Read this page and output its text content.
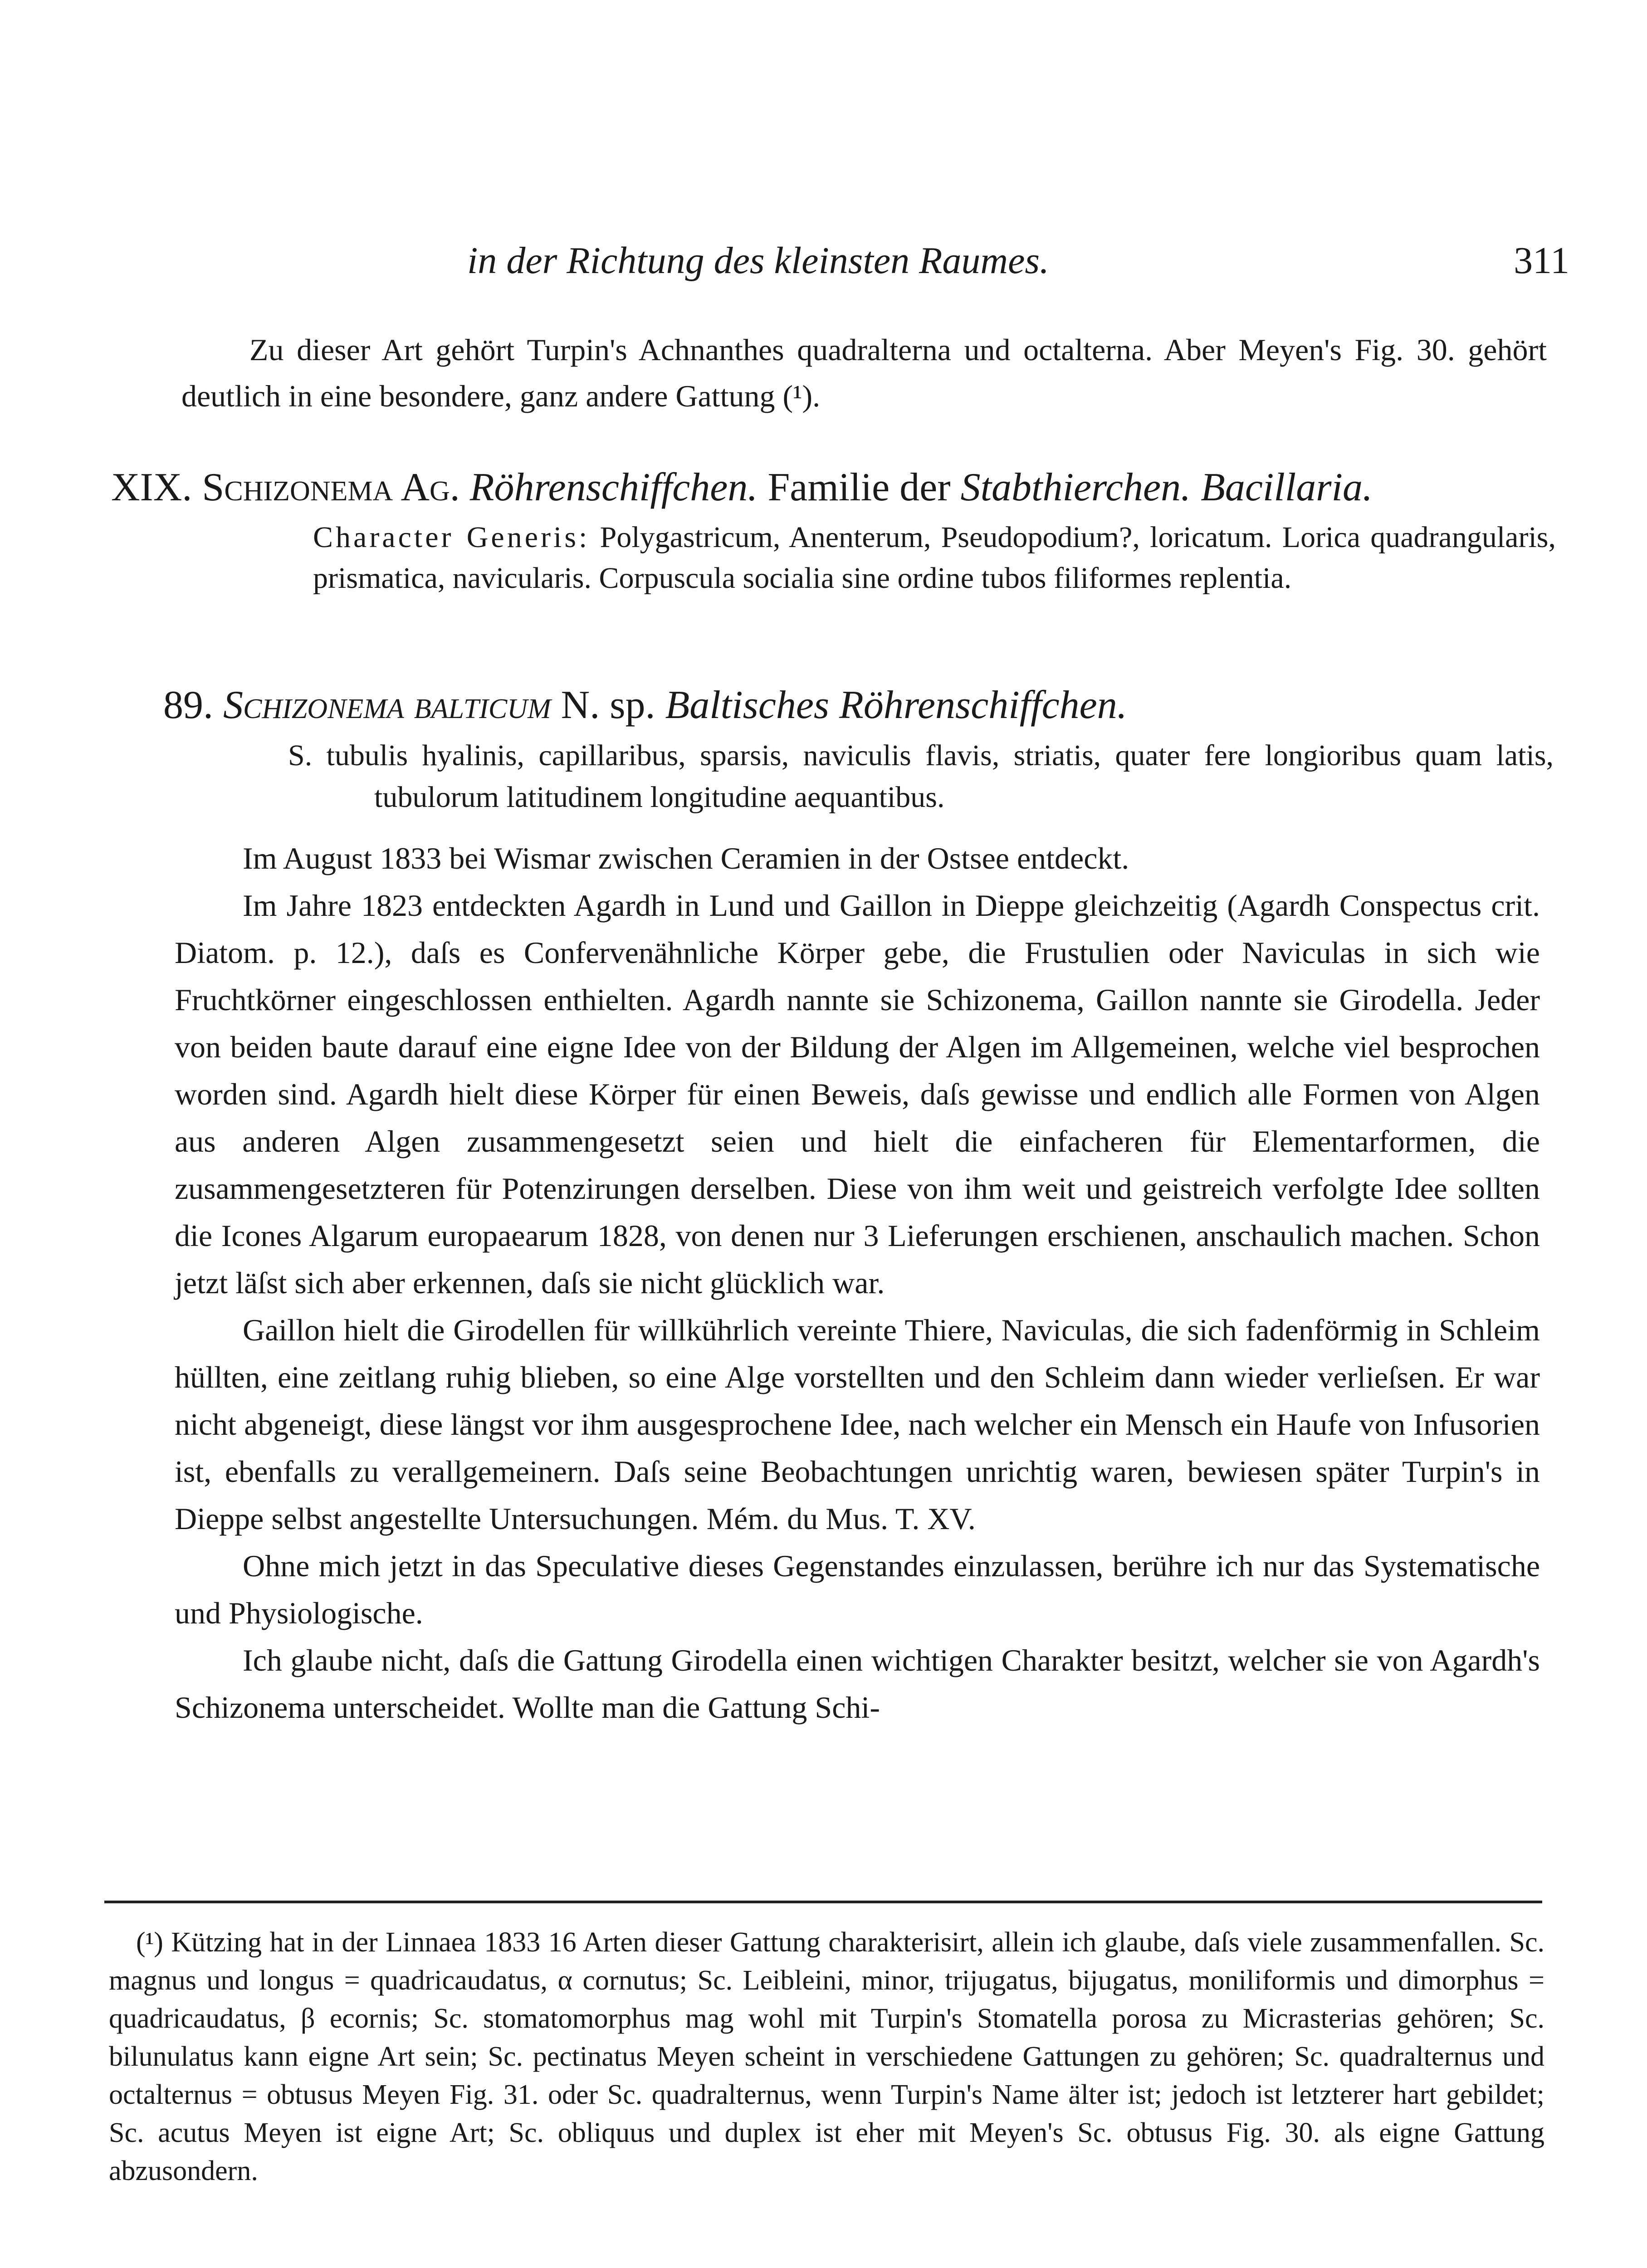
in der Richtung des kleinsten Raumes.	311

Zu dieser Art gehört Turpin's Achnanthes quadralterna und octalterna. Aber Meyen's Fig. 30. gehört deutlich in eine besondere, ganz andere Gattung (¹).

XIX. Schizonema Ag. Röhrenschiffchen. Familie der Stabthierchen. Bacillaria.

Character Generis: Polygastricum, Anenterum, Pseudopodium?, loricatum. Lorica quadrangularis, prismatica, navicularis. Corpuscula socialia sine ordine tubos filiformes replentia.

89. Schizonema balticum N. sp. Baltisches Röhrenschiffchen.

S. tubulis hyalinis, capillaribus, sparsis, naviculis flavis, striatis, quater fere longioribus quam latis, tubulorum latitudinem longitudine aequantibus.

Im August 1833 bei Wismar zwischen Ceramien in der Ostsee entdeckt.

Im Jahre 1823 entdeckten Agardh in Lund und Gaillon in Dieppe gleichzeitig (Agardh Conspectus crit. Diatom. p. 12.), daſs es Confervenähnliche Körper gebe, die Frustulien oder Naviculas in sich wie Fruchtkörner eingeschlossen enthielten. Agardh nannte sie Schizonema, Gaillon nannte sie Girodella. Jeder von beiden baute darauf eine eigne Idee von der Bildung der Algen im Allgemeinen, welche viel besprochen worden sind. Agardh hielt diese Körper für einen Beweis, daſs gewisse und endlich alle Formen von Algen aus anderen Algen zusammengesetzt seien und hielt die einfacheren für Elementarformen, die zusammengesetzteren für Potenzirungen derselben. Diese von ihm weit und geistreich verfolgte Idee sollten die Icones Algarum europaearum 1828, von denen nur 3 Lieferungen erschienen, anschaulich machen. Schon jetzt läſst sich aber erkennen, daſs sie nicht glücklich war.

Gaillon hielt die Girodellen für willkührlich vereinte Thiere, Naviculas, die sich fadenförmig in Schleim hüllten, eine zeitlang ruhig blieben, so eine Alge vorstellten und den Schleim dann wieder verlieſsen. Er war nicht abgeneigt, diese längst vor ihm ausgesprochene Idee, nach welcher ein Mensch ein Haufe von Infusorien ist, ebenfalls zu verallgemeinern. Daſs seine Beobachtungen unrichtig waren, bewiesen später Turpin's in Dieppe selbst angestellte Untersuchungen. Mém. du Mus. T. XV.

Ohne mich jetzt in das Speculative dieses Gegenstandes einzulassen, berühre ich nur das Systematische und Physiologische.

Ich glaube nicht, daſs die Gattung Girodella einen wichtigen Charakter besitzt, welcher sie von Agardh's Schizonema unterscheidet. Wollte man die Gattung Schi-

(¹) Kützing hat in der Linnaea 1833 16 Arten dieser Gattung charakterisirt, allein ich glaube, daſs viele zusammenfallen. Sc. magnus und longus = quadricaudatus, α cornutus; Sc. Leibleini, minor, trijugatus, bijugatus, moniliformis und dimorphus = quadricaudatus, β ecornis; Sc. stomatomorphus mag wohl mit Turpin's Stomatella porosa zu Micrasterias gehören; Sc. bilunulatus kann eigne Art sein; Sc. pectinatus Meyen scheint in verschiedene Gattungen zu gehören; Sc. quadralternus und octalternus = obtusus Meyen Fig. 31. oder Sc. quadralternus, wenn Turpin's Name älter ist; jedoch ist letzterer hart gebildet; Sc. acutus Meyen ist eigne Art; Sc. obliquus und duplex ist eher mit Meyen's Sc. obtusus Fig. 30. als eigne Gattung abzusondern.
